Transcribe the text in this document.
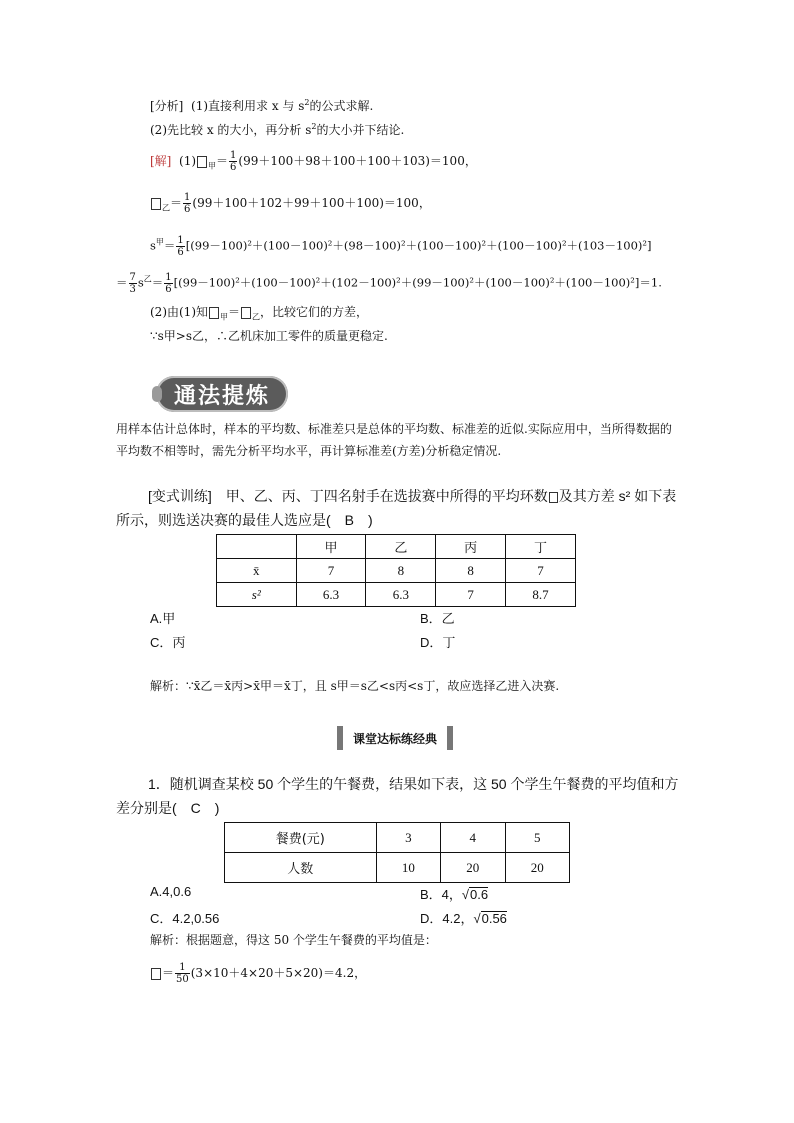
[分析] (1)直接利用求 x 与 $s^2$的公式求解.
(2)先比较 x 的大小，再分析 $s^2$的大小并下结论.
[解] (1) $_甲= \frac{1}{6} (99+100+98+100+100+103)=100$，
$_乙= \frac{1}{6} (99+100+102+99+100+100)=100$，
$s^甲= \frac{1}{6} [(99-100)^2+(100-100)^2+(98-100)^2+(100-100)^2+(100-100)^2+(103-100)^2]$
＝ $\frac{7}{3} s^乙= \frac{1}{6} [(99-100)^2+(100-100)^2+(102-100)^2+(99-100)^2+(100-100)^2+(100-100)^2]=1$.
(2)由(1)知 $_甲$＝ $_乙$，比较它们的方差，
∵s甲>s乙，∴乙机床加工零件的质量更稳定.
通法提炼
用样本估计总体时，样本的平均数、标准差只是总体的平均数、标准差的近似.实际应用中，当所得数据的平均数不相等时，需先分析平均水平，再计算标准差(方差)分析稳定情况.
[变式训练]　甲、乙、丙、丁四名射手在选拔赛中所得的平均环数 及其方差 s² 如下表所示，则选送决赛的最佳人选应是(　B　)
	甲	乙	丙	丁
x̄	7	8	8	7
s²	6.3	6.3	7	8.7
A.甲	B．乙
C．丙	D．丁
解析：∵x̄乙＝x̄丙>x̄甲＝x̄丁，且 s甲＝s乙<s丙<s丁，故应选择乙进入决赛.
课堂达标练经典
1．随机调查某校 50 个学生的午餐费，结果如下表，这 50 个学生午餐费的平均值和方差分别是(　C　)
餐费(元)	3	4	5
人数	10	20	20
A.4,0.6	B．4，√0.6
C．4.2,0.56	D．4.2，√0.56
解析：根据题意，得这 50 个学生午餐费的平均值是：
＝ $\frac{1}{50} (3\times 10+4\times 20+5\times 20)=4.2$，
